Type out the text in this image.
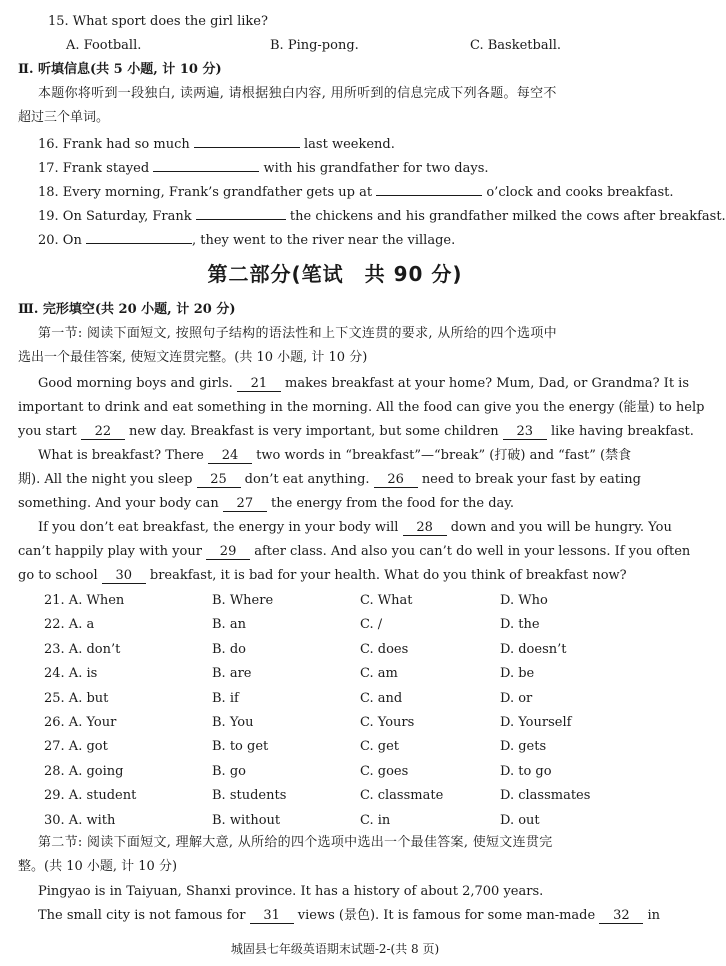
15. What sport does the girl like?
A. Football.	B. Ping-pong.	C. Basketball.
Ⅱ. 听填信息(共 5 小题, 计 10 分)
本题你将听到一段独白, 读两遍, 请根据独白内容, 用所听到的信息完成下列各题。每空不
超过三个单词。
16. Frank had so much	last weekend.
17. Frank stayed	with his grandfather for two days.
18. Every morning, Frank’s grandfather gets up at	o’clock and cooks breakfast.
19. On Saturday, Frank	the chickens and his grandfather milked the cows after breakfast.
20. On	, they went to the river near the village.
第二部分(笔试　共 90 分)
Ⅲ. 完形填空(共 20 小题, 计 20 分)
第一节: 阅读下面短文, 按照句子结构的语法性和上下文连贯的要求, 从所给的四个选项中
选出一个最佳答案, 使短文连贯完整。(共 10 小题, 计 10 分)
Good morning boys and girls. 21 makes breakfast at your home? Mum, Dad, or Grandma? It is
important to drink and eat something in the morning. All the food can give you the energy (能量) to help
you start 22 new day. Breakfast is very important, but some children 23 like having breakfast.
What is breakfast? There 24 two words in “breakfast”—“break” (打破) and “fast” (禁食
期). All the night you sleep 25 don’t eat anything. 26 need to break your fast by eating
something. And your body can 27 the energy from the food for the day.
If you don’t eat breakfast, the energy in your body will 28 down and you will be hungry. You
can’t happily play with your 29 after class. And also you can’t do well in your lessons. If you often
go to school 30 breakfast, it is bad for your health. What do you think of breakfast now?
21. A. When	B. Where	C. What	D. Who
22. A. a	B. an	C. /	D. the
23. A. don’t	B. do	C. does	D. doesn’t
24. A. is	B. are	C. am	D. be
25. A. but	B. if	C. and	D. or
26. A. Your	B. You	C. Yours	D. Yourself
27. A. got	B. to get	C. get	D. gets
28. A. going	B. go	C. goes	D. to go
29. A. student	B. students	C. classmate	D. classmates
30. A. with	B. without	C. in	D. out
第二节: 阅读下面短文, 理解大意, 从所给的四个选项中选出一个最佳答案, 使短文连贯完
整。(共 10 小题, 计 10 分)
Pingyao is in Taiyuan, Shanxi province. It has a history of about 2,700 years.
The small city is not famous for 31 views (景色). It is famous for some man-made 32 in
城固县七年级英语期末试题-2-(共 8 页)
